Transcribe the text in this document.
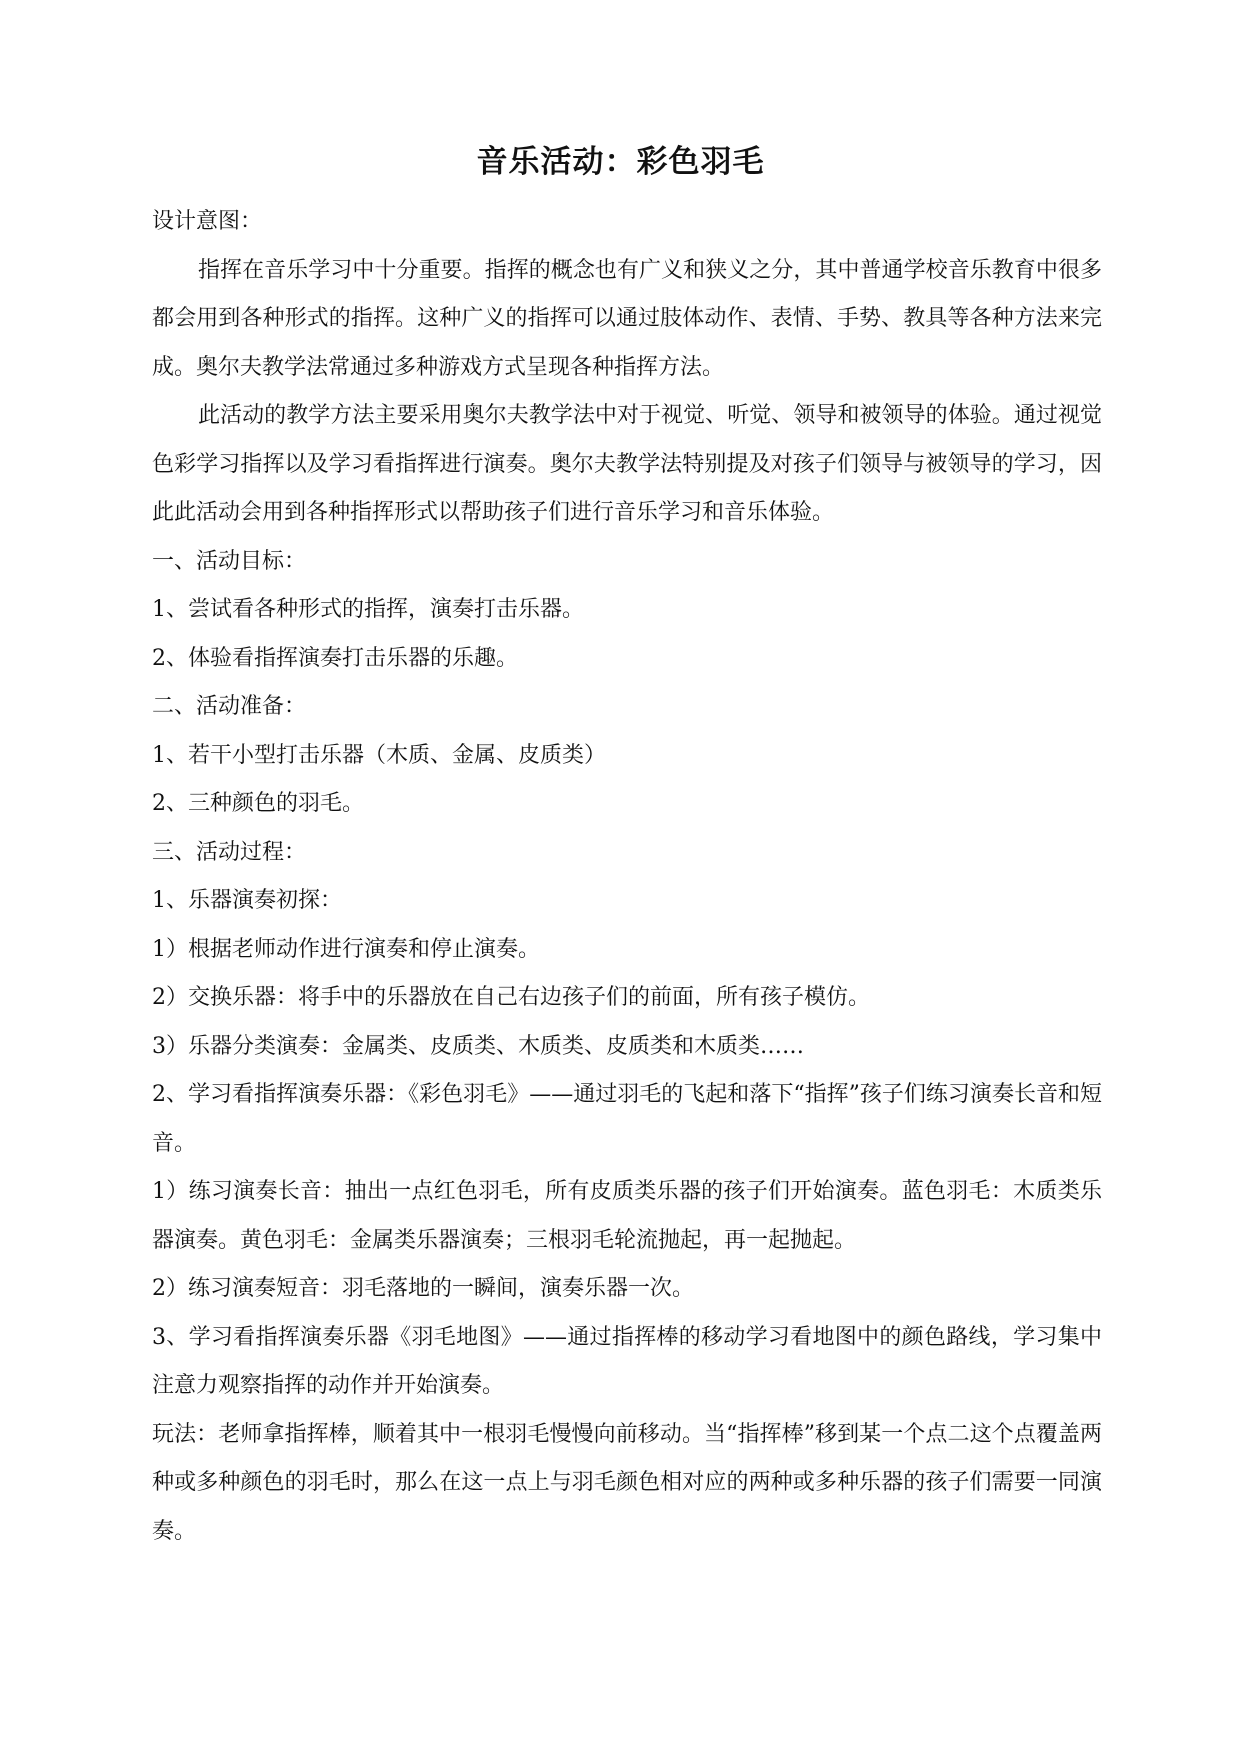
音乐活动：彩色羽毛

设计意图：

指挥在音乐学习中十分重要。指挥的概念也有广义和狭义之分，其中普通学校音乐教育中很多都会用到各种形式的指挥。这种广义的指挥可以通过肢体动作、表情、手势、教具等各种方法来完成。奥尔夫教学法常通过多种游戏方式呈现各种指挥方法。

此活动的教学方法主要采用奥尔夫教学法中对于视觉、听觉、领导和被领导的体验。通过视觉色彩学习指挥以及学习看指挥进行演奏。奥尔夫教学法特别提及对孩子们领导与被领导的学习，因此此活动会用到各种指挥形式以帮助孩子们进行音乐学习和音乐体验。

一、活动目标：

1、尝试看各种形式的指挥，演奏打击乐器。

2、体验看指挥演奏打击乐器的乐趣。

二、活动准备：

1、若干小型打击乐器（木质、金属、皮质类）

2、三种颜色的羽毛。

三、活动过程：

1、乐器演奏初探：

1）根据老师动作进行演奏和停止演奏。

2）交换乐器：将手中的乐器放在自己右边孩子们的前面，所有孩子模仿。

3）乐器分类演奏：金属类、皮质类、木质类、皮质类和木质类……

2、学习看指挥演奏乐器：《彩色羽毛》——通过羽毛的飞起和落下“指挥”孩子们练习演奏长音和短音。

1）练习演奏长音：抽出一点红色羽毛，所有皮质类乐器的孩子们开始演奏。蓝色羽毛：木质类乐器演奏。黄色羽毛：金属类乐器演奏；三根羽毛轮流抛起，再一起抛起。

2）练习演奏短音：羽毛落地的一瞬间，演奏乐器一次。

3、学习看指挥演奏乐器《羽毛地图》——通过指挥棒的移动学习看地图中的颜色路线，学习集中注意力观察指挥的动作并开始演奏。

玩法：老师拿指挥棒，顺着其中一根羽毛慢慢向前移动。当“指挥棒”移到某一个点二这个点覆盖两种或多种颜色的羽毛时，那么在这一点上与羽毛颜色相对应的两种或多种乐器的孩子们需要一同演奏。
